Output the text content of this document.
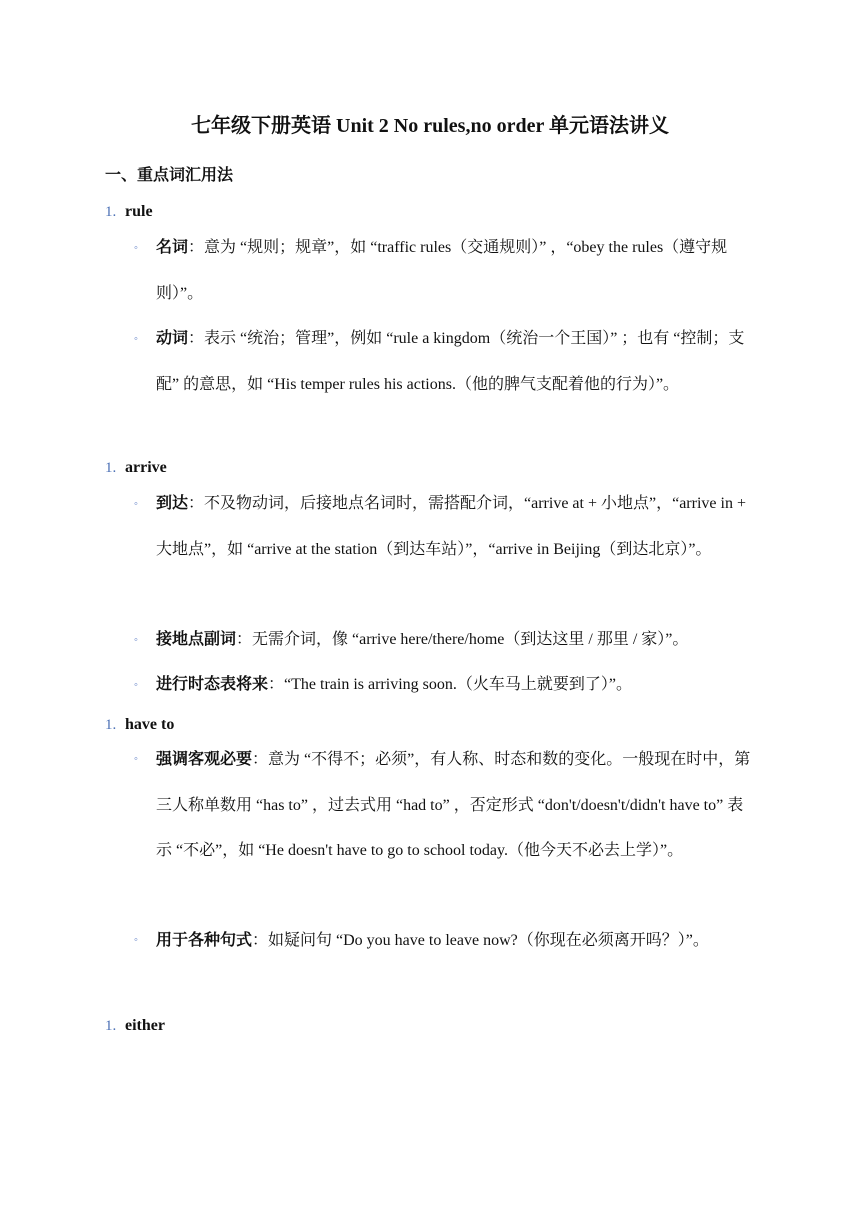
七年级下册英语 Unit 2 No rules,no order 单元语法讲义
一、重点词汇用法
1. rule
◦ 名词：意为 “规则；规章”，如 “traffic rules（交通规则）” ，“obey the rules（遵守规则）”。

◦ 动词：表示 “统治；管理”，例如 “rule a kingdom（统治一个王国）” ；也有 “控制；支配” 的意思，如 “His temper rules his actions.（他的脾气支配着他的行为）”。

1. arrive
◦ 到达：不及物动词，后接地点名词时，需搭配介词，“arrive at + 小地点”，“arrive in + 大地点”，如 “arrive at the station（到达车站）”，“arrive in Beijing（到达北京）”。

◦ 接地点副词：无需介词，像 “arrive here/there/home（到达这里 / 那里 / 家）”。

◦ 进行时态表将来：“The train is arriving soon.（火车马上就要到了）”。

1. have to
◦ 强调客观必要：意为 “不得不；必须”，有人称、时态和数的变化。一般现在时中，第三人称单数用 “has to” ，过去式用 “had to” ，否定形式 “don't/doesn't/didn't have to” 表示 “不必”，如 “He doesn't have to go to school today.（他今天不必去上学）”。

◦ 用于各种句式：如疑问句 “Do you have to leave now?（你现在必须离开吗？）”。

1. either
